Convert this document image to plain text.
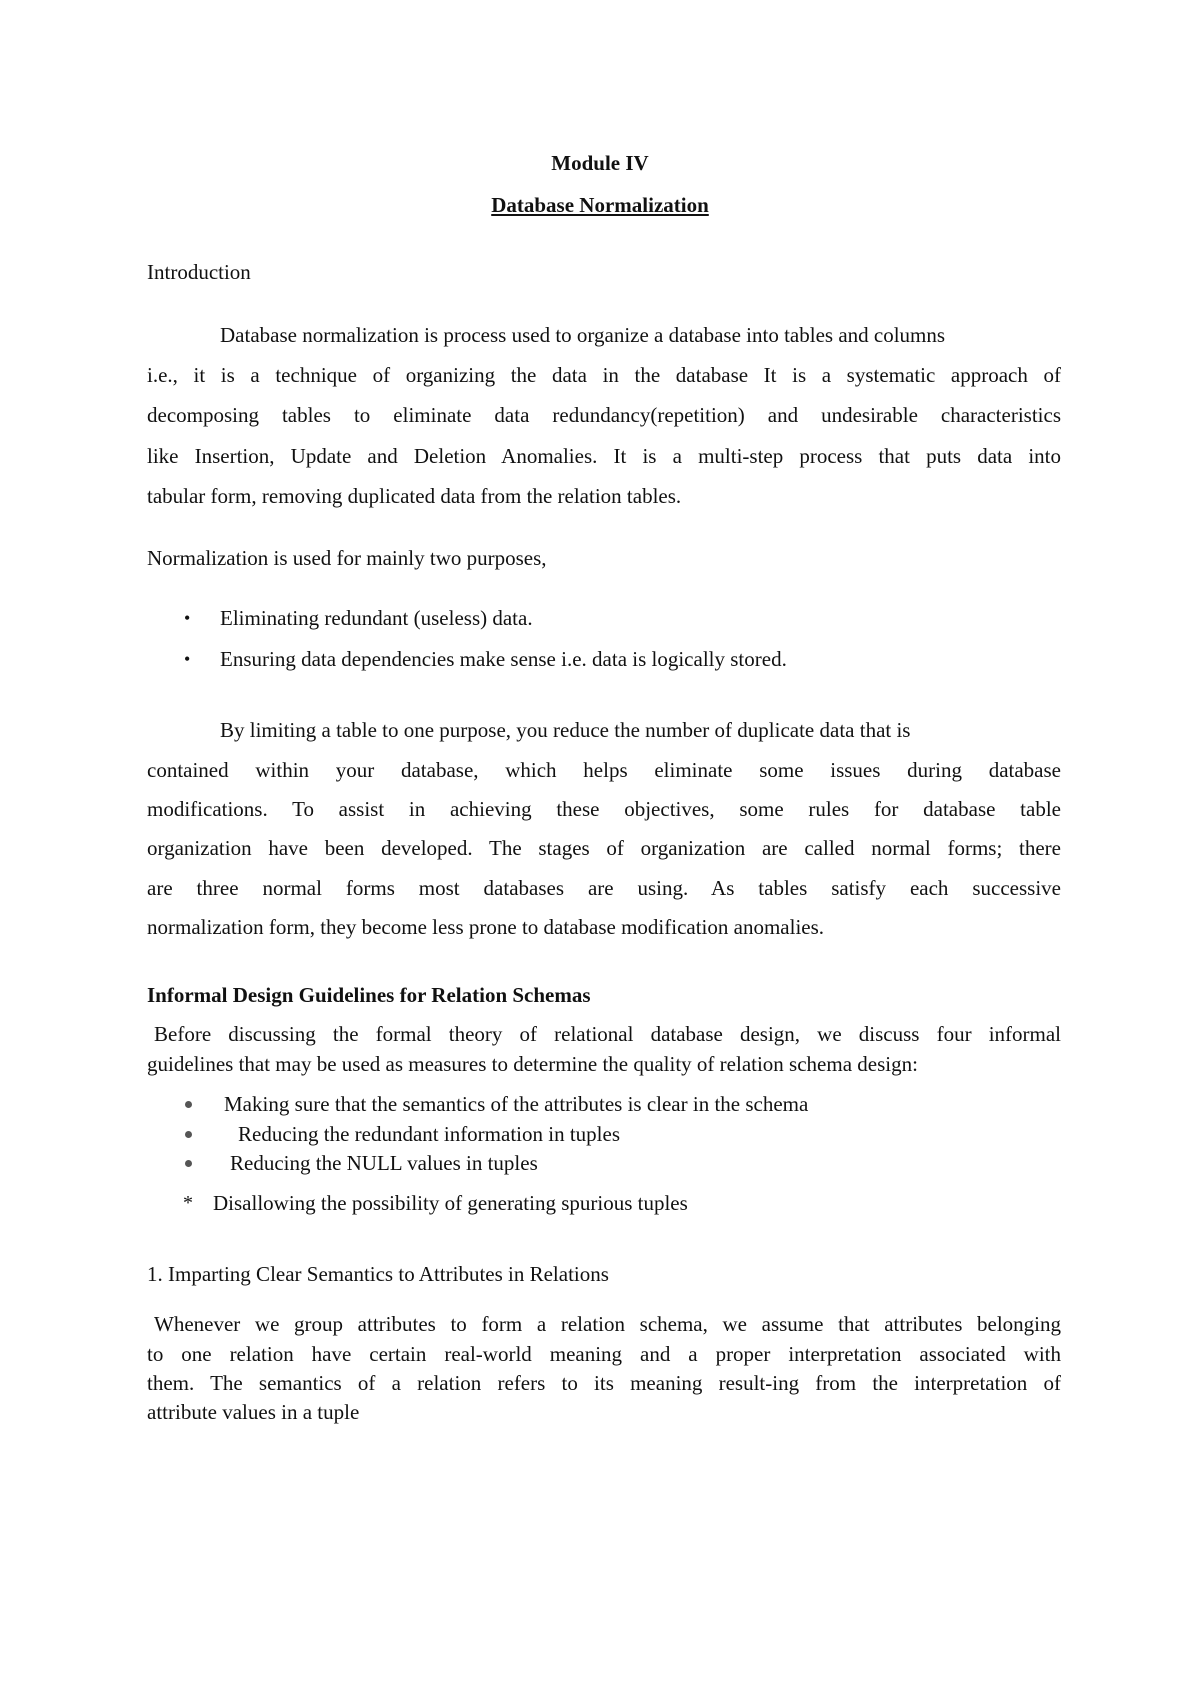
Module IV
Database Normalization
Introduction
Database normalization is process used to organize a database into tables and columns
i.e., it is a technique of organizing the data in the database It is a systematic approach of
decomposing tables to eliminate data redundancy(repetition) and undesirable characteristics
like Insertion, Update and Deletion Anomalies. It is a multi-step process that puts data into
tabular form, removing duplicated data from the relation tables.
Normalization is used for mainly two purposes,
• Eliminating redundant (useless) data.
• Ensuring data dependencies make sense i.e. data is logically stored.
By limiting a table to one purpose, you reduce the number of duplicate data that is
contained within your database, which helps eliminate some issues during database
modifications. To assist in achieving these objectives, some rules for database table
organization have been developed. The stages of organization are called normal forms; there
are three normal forms most databases are using. As tables satisfy each successive
normalization form, they become less prone to database modification anomalies.
Informal Design Guidelines for Relation Schemas
Before discussing the formal theory of relational database design, we discuss four informal
guidelines that may be used as measures to determine the quality of relation schema design:
Making sure that the semantics of the attributes is clear in the schema
Reducing the redundant information in tuples
Reducing the NULL values in tuples
* Disallowing the possibility of generating spurious tuples
1. Imparting Clear Semantics to Attributes in Relations
Whenever we group attributes to form a relation schema, we assume that attributes belonging
to one relation have certain real-world meaning and a proper interpretation associated with
them. The semantics of a relation refers to its meaning result-ing from the interpretation of
attribute values in a tuple
